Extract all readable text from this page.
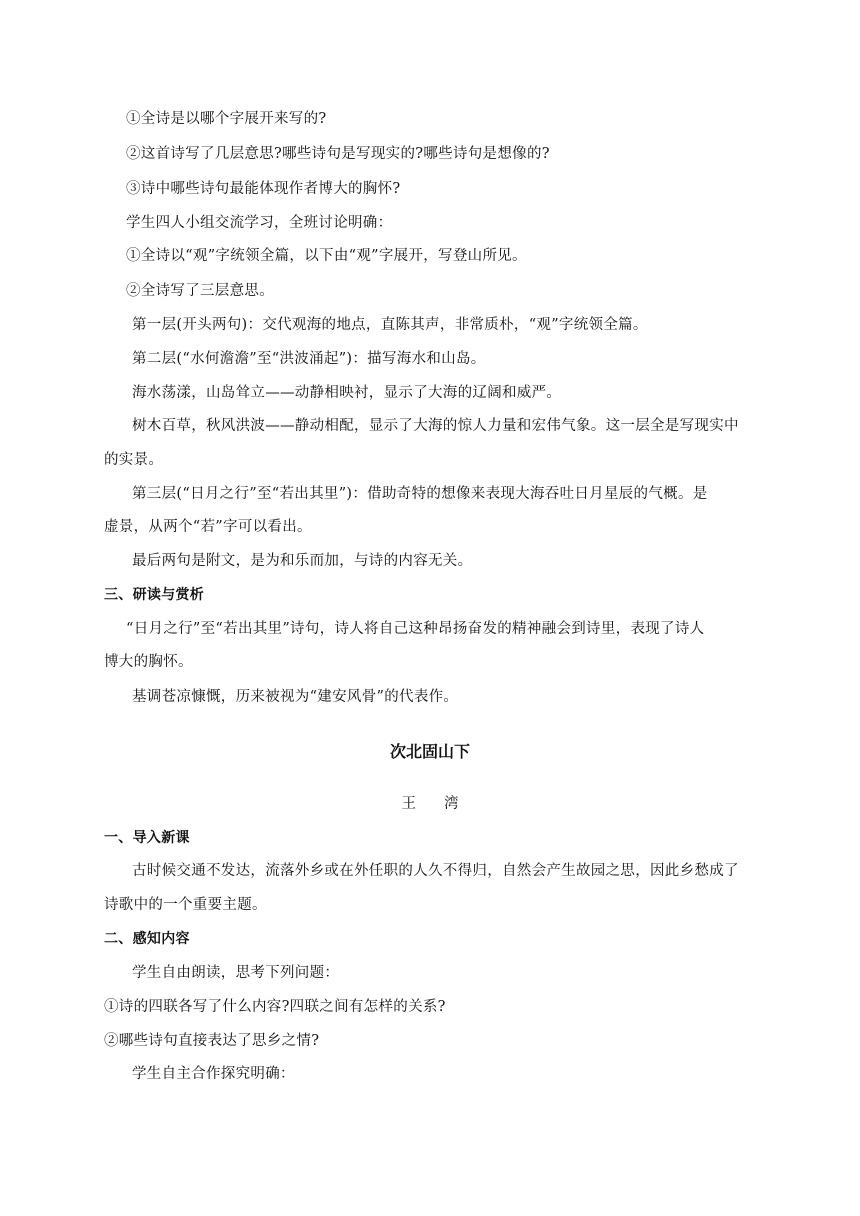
①全诗是以哪个字展开来写的?
②这首诗写了几层意思?哪些诗句是写现实的?哪些诗句是想像的?
③诗中哪些诗句最能体现作者博大的胸怀?
学生四人小组交流学习，全班讨论明确：
①全诗以“观”字统领全篇，以下由“观”字展开，写登山所见。
②全诗写了三层意思。
第一层(开头两句)：交代观海的地点，直陈其声，非常质朴，“观”字统领全篇。
第二层(“水何澹澹”至“洪波涌起”)：描写海水和山岛。
海水荡漾，山岛耸立——动静相映衬，显示了大海的辽阔和威严。
树木百草，秋风洪波——静动相配，显示了大海的惊人力量和宏伟气象。这一层全是写现实中
的实景。
第三层(“日月之行”至“若出其里”)：借助奇特的想像来表现大海吞吐日月星辰的气概。是
虚景，从两个“若”字可以看出。
最后两句是附文，是为和乐而加，与诗的内容无关。
三、研读与赏析
“日月之行”至“若出其里”诗句，诗人将自己这种昂扬奋发的精神融会到诗里，表现了诗人
博大的胸怀。
基调苍凉慷慨，历来被视为“建安风骨”的代表作。
次北固山下
王湾
一、导入新课
古时候交通不发达，流落外乡或在外任职的人久不得归，自然会产生故园之思，因此乡愁成了
诗歌中的一个重要主题。
二、感知内容
学生自由朗读，思考下列问题：
①诗的四联各写了什么内容?四联之间有怎样的关系?
②哪些诗句直接表达了思乡之情?
学生自主合作探究明确：
